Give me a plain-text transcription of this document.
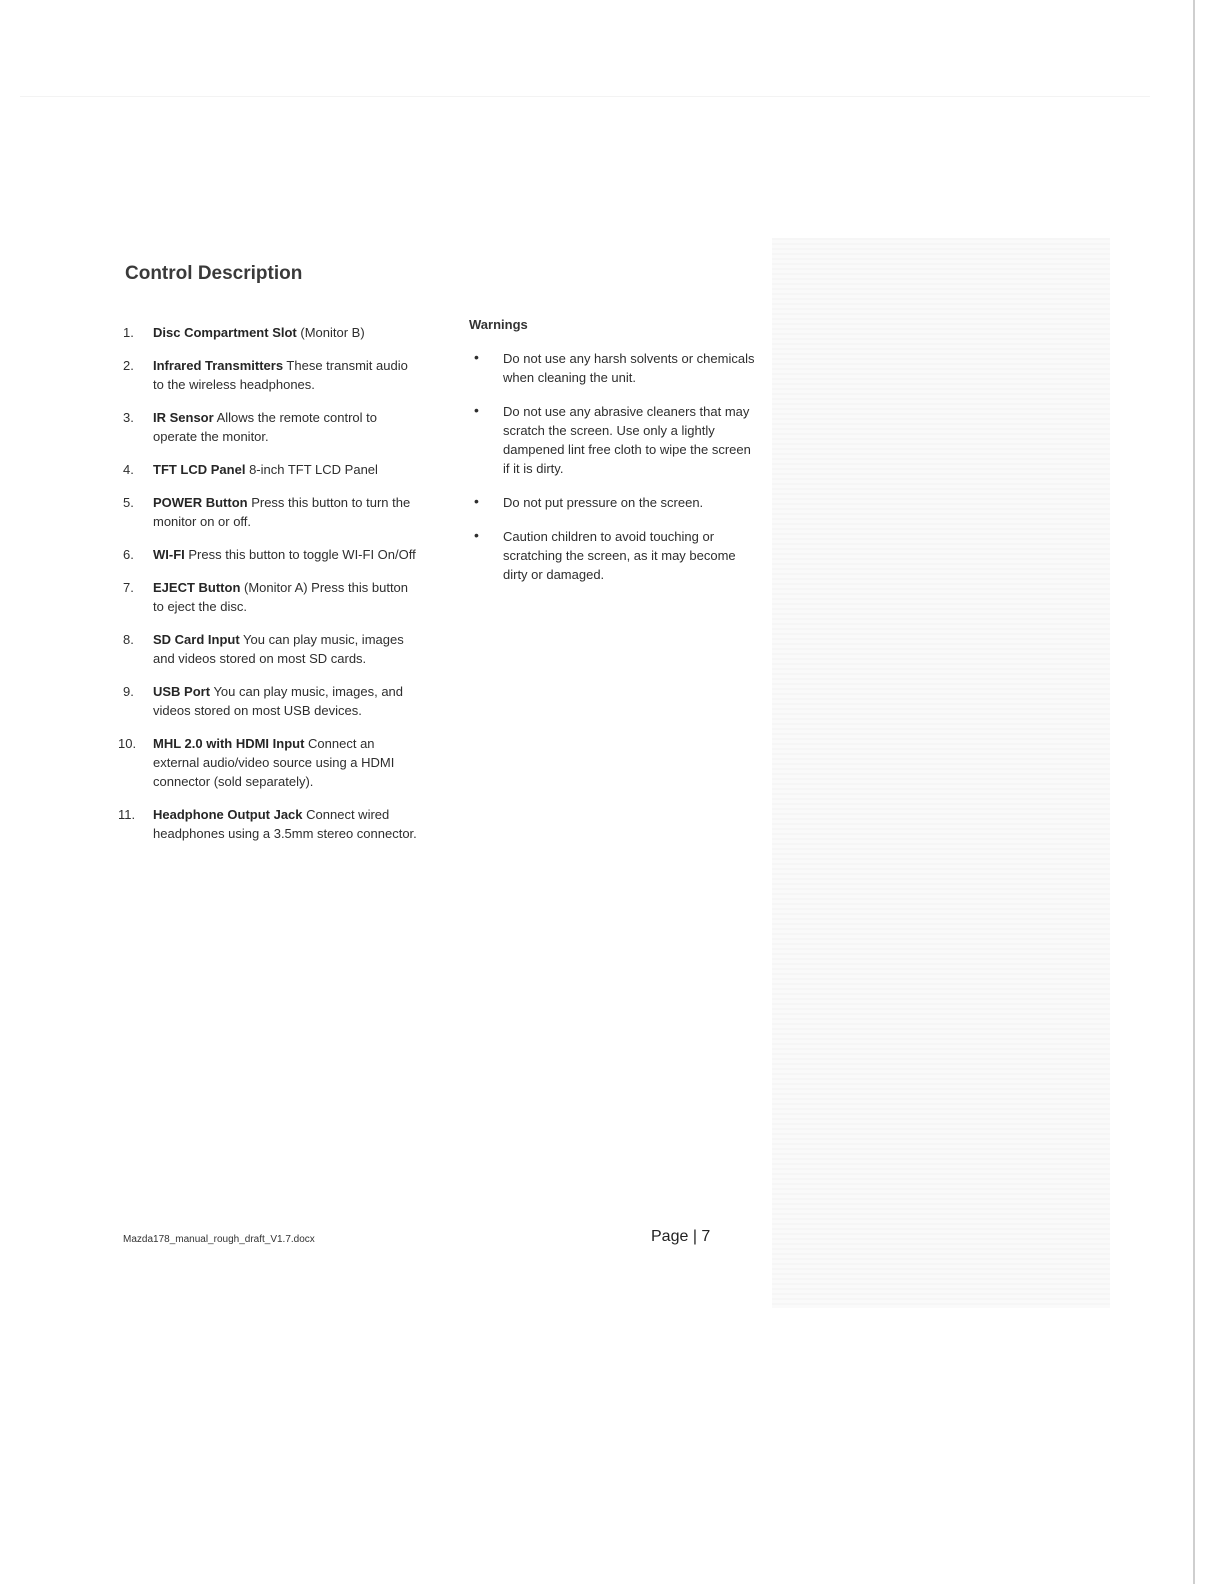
Control Description
1. Disc Compartment Slot (Monitor B)
2. Infrared Transmitters These transmit audio to the wireless headphones.
3. IR Sensor Allows the remote control to operate the monitor.
4. TFT LCD Panel 8-inch TFT LCD Panel
5. POWER Button Press this button to turn the monitor on or off.
6. WI-FI Press this button to toggle WI-FI On/Off
7. EJECT Button (Monitor A) Press this button to eject the disc.
8. SD Card Input You can play music, images and videos stored on most SD cards.
9. USB Port You can play music, images, and videos stored on most USB devices.
10. MHL 2.0 with HDMI Input Connect an external audio/video source using a HDMI connector (sold separately).
11. Headphone Output Jack Connect wired headphones using a 3.5mm stereo connector.
Warnings
• Do not use any harsh solvents or chemicals when cleaning the unit.
• Do not use any abrasive cleaners that may scratch the screen. Use only a lightly dampened lint free cloth to wipe the screen if it is dirty.
• Do not put pressure on the screen.
• Caution children to avoid touching or scratching the screen, as it may become dirty or damaged.
Mazda178_manual_rough_draft_V1.7.docx	Page | 7
